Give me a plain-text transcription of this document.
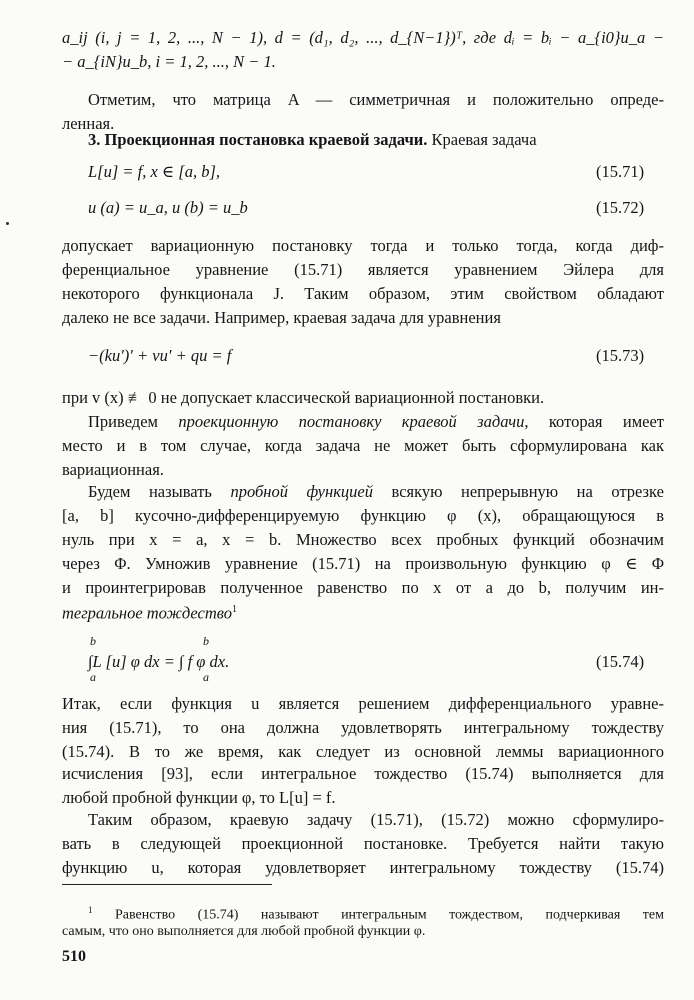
a_ij (i, j = 1, 2, ..., N − 1), d = (d₁, d₂, ..., d_{N−1})ᵀ, где dᵢ = bᵢ − a_{i0}u_a −
− a_{iN}u_b, i = 1, 2, ..., N − 1.
Отметим, что матрица A — симметричная и положительно опреде-
ленная.
3. Проекционная постановка краевой задачи. Краевая задача
L[u] = f, x ∈ [a, b],	(15.71)
u (a) = u_a, u (b) = u_b	(15.72)
допускает вариационную постановку тогда и только тогда, когда диф-
ференциальное уравнение (15.71) является уравнением Эйлера для
некоторого функционала J. Таким образом, этим свойством обладают
далеко не все задачи. Например, краевая задача для уравнения
−(ku′)′ + vu′ + qu = f	(15.73)
при v (x) ≢ 0 не допускает классической вариационной постановки.
Приведем проекционную постановку краевой задачи, которая имеет
место и в том случае, когда задача не может быть сформулирована как
вариационная.
Будем называть пробной функцией всякую непрерывную на отрезке
[a, b] кусочно-дифференцируемую функцию φ (x), обращающуюся в
нуль при x = a, x = b. Множество всех пробных функций обозначим
через Φ. Умножив уравнение (15.71) на произвольную функцию φ ∈ Φ
и проинтегрировав полученное равенство по x от a до b, получим ин-
тегральное тождество$^1$
b	b
∫L [u] φ dx = ∫ f φ dx.
a	a
(15.74)
Итак, если функция u является решением дифференциального уравне-
ния (15.71), то она должна удовлетворять интегральному тождеству
(15.74). В то же время, как следует из основной леммы вариационного
исчисления [93], если интегральное тождество (15.74) выполняется для
любой пробной функции φ, то L[u] = f.
Таким образом, краевую задачу (15.71), (15.72) можно сформулиро-
вать в следующей проекционной постановке. Требуется найти такую
функцию u, которая удовлетворяет интегральному тождеству (15.74)
$^1$ Равенство (15.74) называют интегральным тождеством, подчеркивая тем
самым, что оно выполняется для любой пробной функции φ.
510
